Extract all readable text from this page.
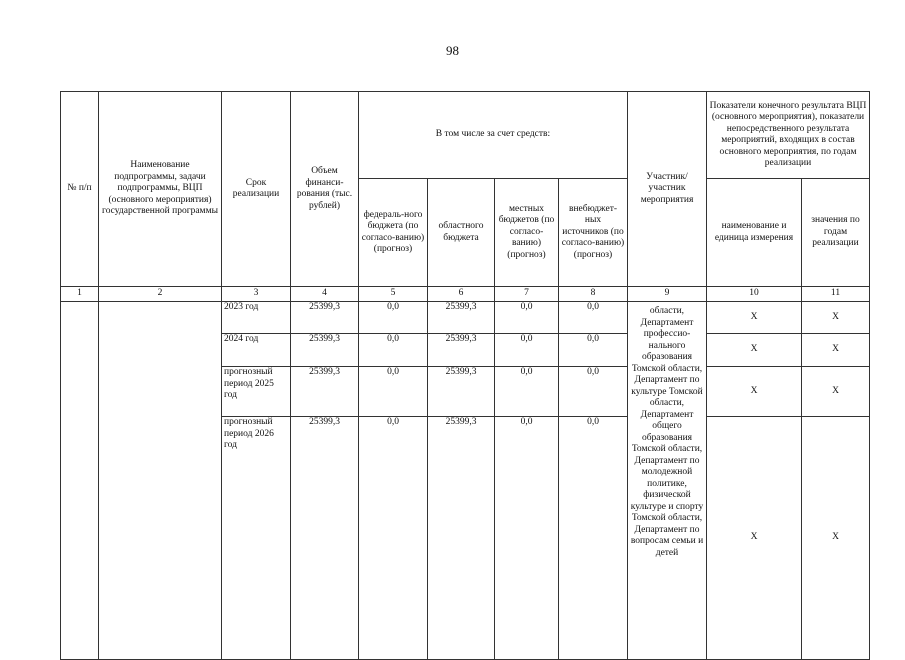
98
№ п/п	Наименование подпрограммы, задачи подпрограммы, ВЦП (основного мероприятия) государственной программы	Срок реализации	Объем финанси-рования (тыс. рублей)	В том числе за счет средств:				Участник/ участник мероприятия	Показатели конечного результата ВЦП (основного мероприятия), показатели непосредственного результата мероприятий, входящих в состав основного мероприятия, по годам реализации	
				федераль-ного бюджета (по согласо-ванию) (прогноз)	областного бюджета	местных бюджетов (по согласо-ванию) (прогноз)	внебюджет-ных источников (по согласо-ванию) (прогноз)		наименование и единица измерения	значения по годам реализации
1	2	3	4	5	6	7	8	9	10	11
		2023 год	25399,3	0,0	25399,3	0,0	0,0	области, Департамент профессио-нального образования Томской области, Департамент по культуре Томской области, Департамент общего образования Томской области, Департамент по молодежной политике, физической культуре и спорту Томской области, Департамент по вопросам семьи и детей	X	X
		2024 год	25399,3	0,0	25399,3	0,0	0,0		X	X
		прогнозный период 2025 год	25399,3	0,0	25399,3	0,0	0,0		X	X
		прогнозный период 2026 год	25399,3	0,0	25399,3	0,0	0,0		X	X
